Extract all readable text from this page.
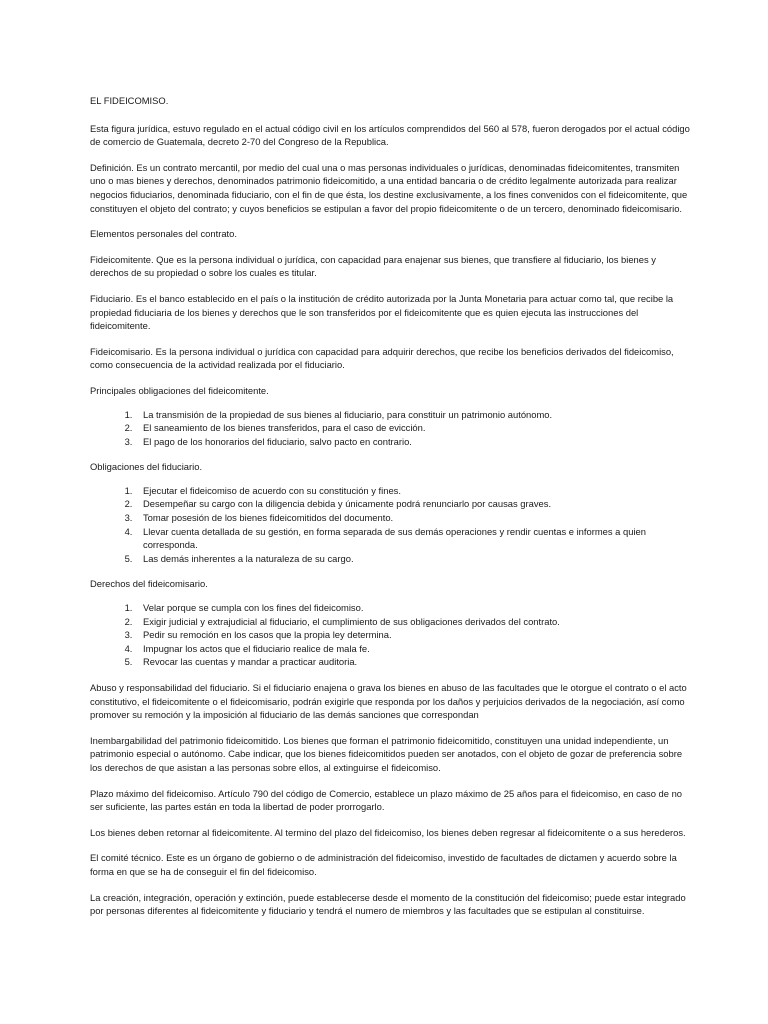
EL FIDEICOMISO.

Esta figura jurídica, estuvo regulado en el actual código civil en los artículos comprendidos del 560 al 578, fueron derogados por el actual código de comercio de Guatemala, decreto 2-70 del Congreso de la Republica.

Definición. Es un contrato mercantil, por medio del cual una o mas personas individuales o jurídicas, denominadas fideicomitentes, transmiten uno o mas bienes y derechos, denominados patrimonio fideicomitido, a una entidad bancaria o de crédito legalmente autorizada para realizar negocios fiduciarios, denominada fiduciario, con el fin de que ésta, los destine exclusivamente, a los fines convenidos con el fideicomitente, que constituyen el objeto del contrato; y cuyos beneficios se estipulan a favor del propio fideicomitente o de un tercero, denominado fideicomisario.

Elementos personales del contrato.

Fideicomitente. Que es la persona individual o jurídica, con capacidad para enajenar sus bienes, que transfiere al fiduciario, los bienes y derechos de su propiedad o sobre los cuales es titular.

Fiduciario. Es el banco establecido en el país o la institución de crédito autorizada por la Junta Monetaria para actuar como tal, que recibe la propiedad fiduciaria de los bienes y derechos que le son transferidos por el fideicomitente que es quien ejecuta las instrucciones del fideicomitente.

Fideicomisario. Es la persona individual o jurídica con capacidad para adquirir derechos, que recibe los beneficios derivados del fideicomiso, como consecuencia de la actividad realizada por el fiduciario.

Principales obligaciones del fideicomitente.

1. La transmisión de la propiedad de sus bienes al fiduciario, para constituir un patrimonio autónomo.
2. El saneamiento de los bienes transferidos, para el caso de evicción.
3. El pago de los honorarios del fiduciario, salvo pacto en contrario.

Obligaciones del fiduciario.

1. Ejecutar el fideicomiso de acuerdo con su constitución y fines.
2. Desempeñar su cargo con la diligencia debida y únicamente podrá renunciarlo por causas graves.
3. Tomar posesión de los bienes fideicomitidos del documento.
4. Llevar cuenta detallada de su gestión, en forma separada de sus demás operaciones y rendir cuentas e informes a quien corresponda.
5. Las demás inherentes a la naturaleza de su cargo.

Derechos del fideicomisario.

1. Velar porque se cumpla con los fines del fideicomiso.
2. Exigir judicial y extrajudicial al fiduciario, el cumplimiento de sus obligaciones derivados del contrato.
3. Pedir su remoción en los casos que la propia ley determina.
4. Impugnar los actos que el fiduciario realice de mala fe.
5. Revocar las cuentas y mandar a practicar auditoria.

Abuso y responsabilidad del fiduciario. Si el fiduciario enajena o grava los bienes en abuso de las facultades que le otorgue el contrato o el acto constitutivo, el fideicomitente o el fideicomisario, podrán exigirle que responda por los daños y perjuicios derivados de la negociación, así como promover su remoción y la imposición al fiduciario de las demás sanciones que correspondan

Inembargabilidad del patrimonio fideicomitido. Los bienes que forman el patrimonio fideicomitido, constituyen una unidad independiente, un patrimonio especial o autónomo. Cabe indicar, que los bienes fideicomitidos pueden ser anotados, con el objeto de gozar de preferencia sobre los derechos de que asistan a las personas sobre ellos, al extinguirse el fideicomiso.

Plazo máximo del fideicomiso. Artículo 790 del código de Comercio, establece un plazo máximo de 25 años para el fideicomiso, en caso de no ser suficiente, las partes están en toda la libertad de poder prorrogarlo.

Los bienes deben retornar al fideicomitente. Al termino del plazo del fideicomiso, los bienes deben regresar al fideicomitente o a sus herederos.

El comité técnico. Este es un órgano de gobierno o de administración del fideicomiso, investido de facultades de dictamen y acuerdo sobre la forma en que se ha de conseguir el fin del fideicomiso.

La creación, integración, operación y extinción, puede establecerse desde el momento de la constitución del fideicomiso; puede estar integrado por personas diferentes al fideicomitente y fiduciario y tendrá el numero de miembros y las facultades que se estipulan al constituirse.
